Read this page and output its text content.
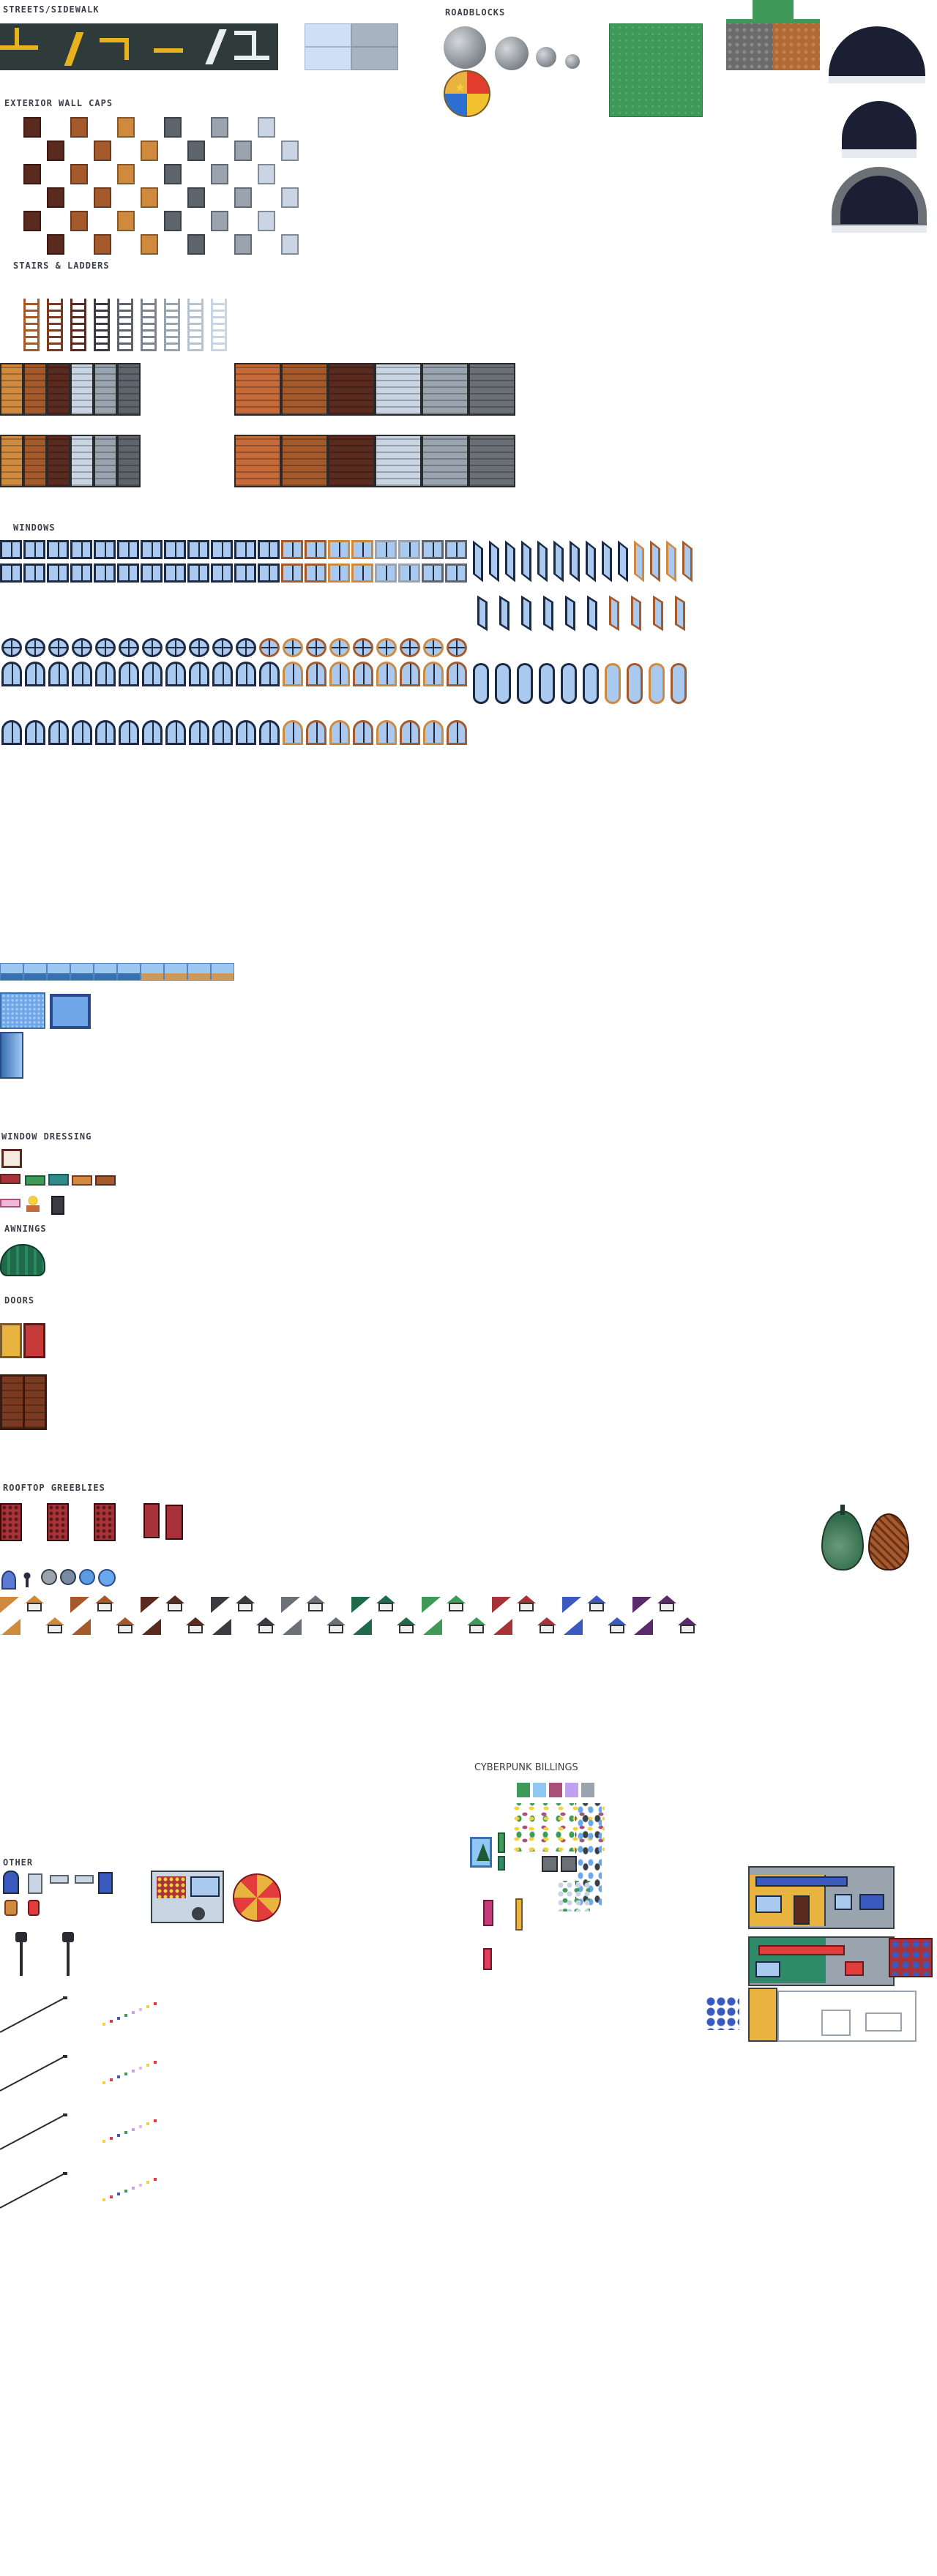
STREETS/SIDEWALK	ROADBLOCKS
★
EXTERIOR WALL CAPS
STAIRS & LADDERS
WINDOWS
WINDOW DRESSING
AWNINGS
DOORS
ROOFTOP GREEBLIES
CYBERPUNK BILLINGS
OTHER
